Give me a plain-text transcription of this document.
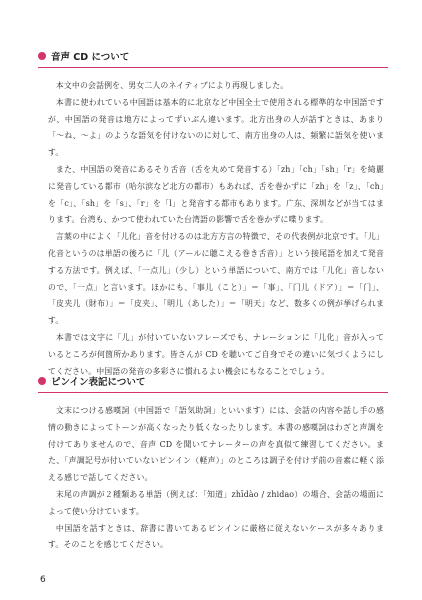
音声 CD について

本文中の会話例を、男女二人のネイティブにより再現しました。

本書に使われている中国語は基本的に北京など中国全土で使用される標準的な中国語ですが、中国語の発音は地方によってずいぶん違います。北方出身の人が話すときは、あまり「～ね、～よ」のような語気を付けないのに対して、南方出身の人は、頻繁に語気を使います。

また、中国語の発音にあるそり舌音（舌を丸めて発音する）「zh」「ch」「sh」「r」を綺麗に発音している都市（哈尔滨など北方の都市）もあれば、舌を巻かずに「zh」を「z」、「ch」を「c」、「sh」を「s」、「r」を「l」と発音する都市もあります。广东、深圳などが当てはまります。台湾も、かつて使われていた台湾語の影響で舌を巻かずに喋ります。

言葉の中によく「儿化」音を付けるのは北方方言の特徴で、その代表例が北京です。「儿」化音というのは単語の後ろに「儿（アールに聴こえる巻き舌音）」という接尾語を加えて発音する方法です。例えば、「一点儿」（少し）という単語について、南方では「儿化」音しないので、「一点」と言います。ほかにも、「事儿（こと）」＝「事」、「门儿（ドア）」＝「门」、「皮夹儿（財布）」＝「皮夹」、「明儿（あした）」＝「明天」など、数多くの例が挙げられます。

本書では文字に「儿」が付いていないフレーズでも、ナレーションに「儿化」音が入っているところが何箇所かあります。皆さんが CD を聴いてご自身でその違いに気づくようにしてください。中国語の発音の多彩さに慣れるよい機会にもなることでしょう。

ピンイン表記について

文末につける感嘆詞（中国語で「語気助詞」といいます）には、会話の内容や話し手の感情の動きによってトーンが高くなったり低くなったりします。本書の感嘆詞はわざと声調を付けてありませんので、音声 CD を聞いてナレーターの声を真似て練習してください。また、「声調記号が付いていないピンイン（軽声）」のところは調子を付けず前の音素に軽く添える感じで話してください。

末尾の声調が２種類ある単語（例えば：「知道」zhīdào / zhidao）の場合、会話の場面によって使い分けています。

中国語を話すときは、辞書に書いてあるピンインに厳格に従えないケースが多々あります。そのことを感じてください。

6
